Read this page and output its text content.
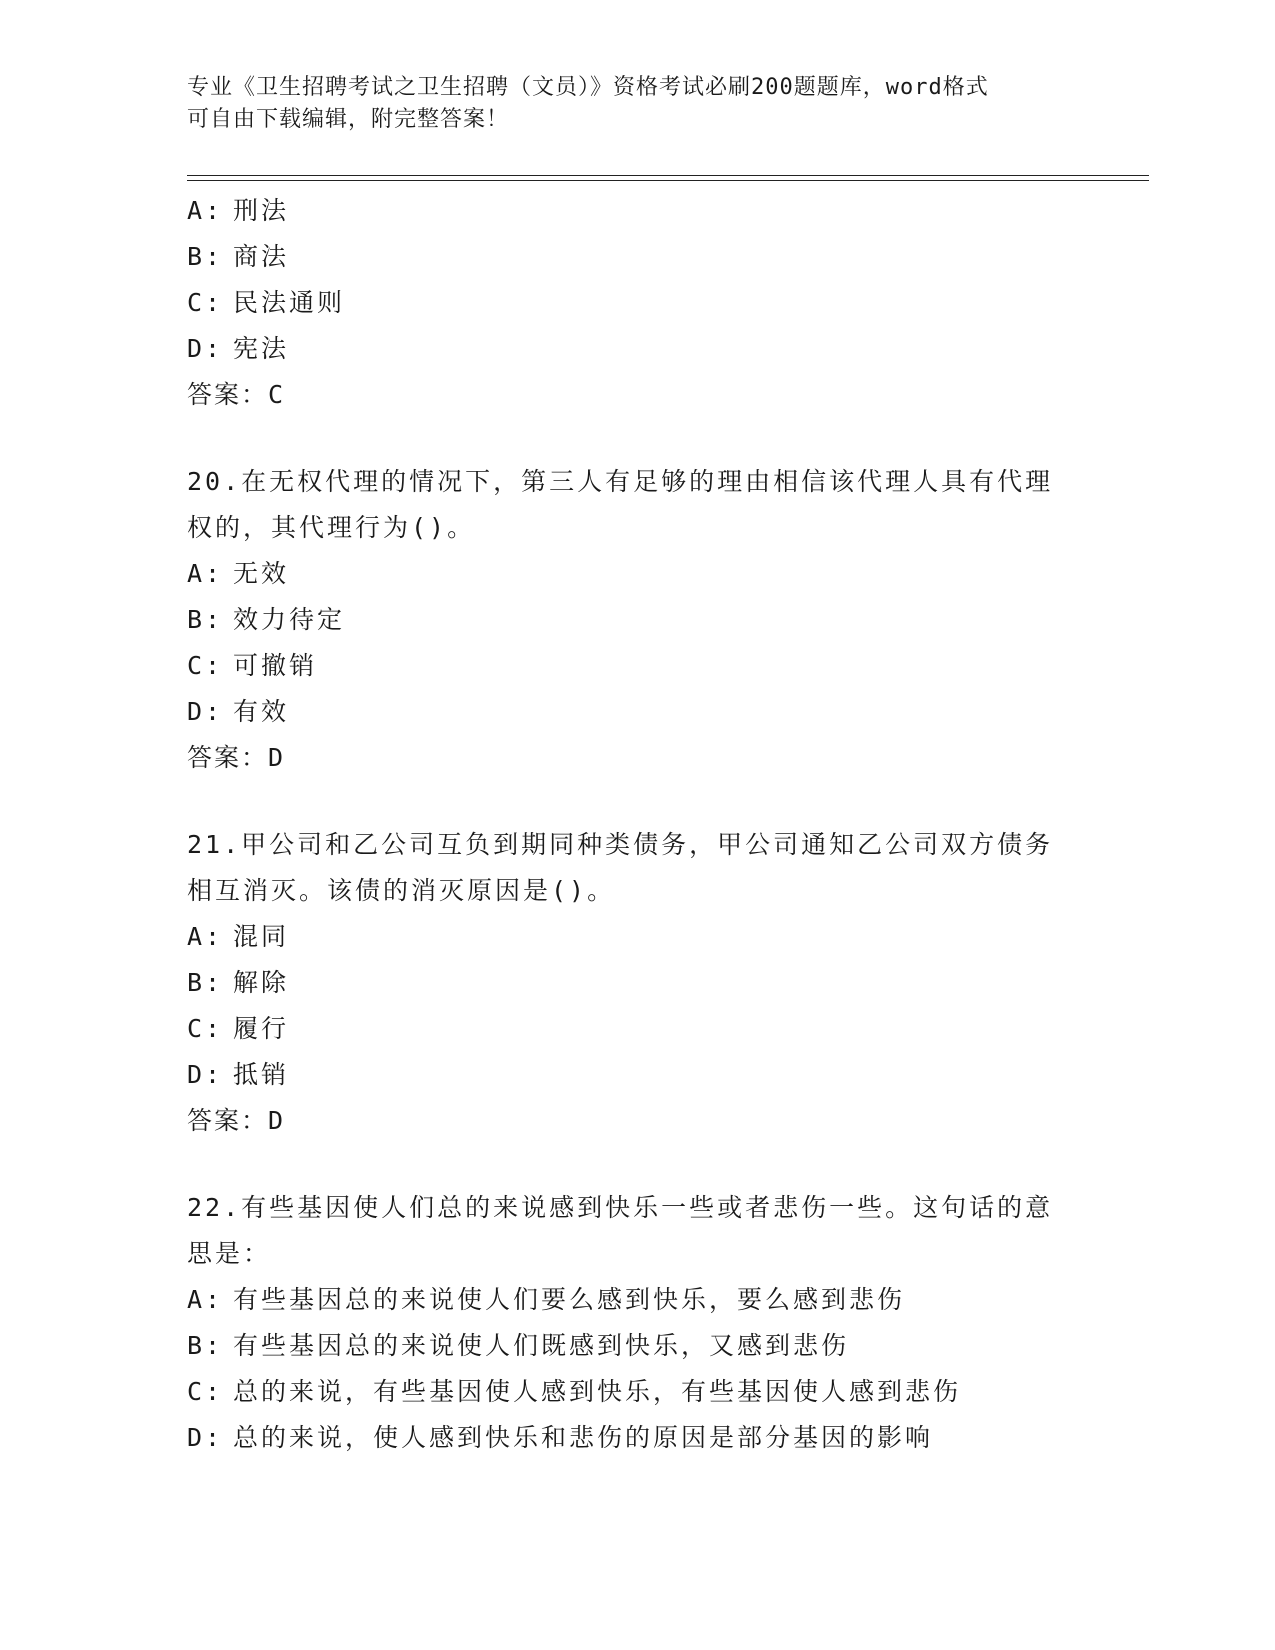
专业《卫生招聘考试之卫生招聘（文员）》资格考试必刷200题题库，word格式
可自由下载编辑，附完整答案！
A: 刑法
B: 商法
C: 民法通则
D: 宪法
答案：C
20.在无权代理的情况下，第三人有足够的理由相信该代理人具有代理
权的，其代理行为()。
A: 无效
B: 效力待定
C: 可撤销
D: 有效
答案：D
21.甲公司和乙公司互负到期同种类债务，甲公司通知乙公司双方债务
相互消灭。该债的消灭原因是()。
A: 混同
B: 解除
C: 履行
D: 抵销
答案：D
22.有些基因使人们总的来说感到快乐一些或者悲伤一些。这句话的意
思是：
A: 有些基因总的来说使人们要么感到快乐，要么感到悲伤
B: 有些基因总的来说使人们既感到快乐，又感到悲伤
C: 总的来说，有些基因使人感到快乐，有些基因使人感到悲伤
D: 总的来说，使人感到快乐和悲伤的原因是部分基因的影响
